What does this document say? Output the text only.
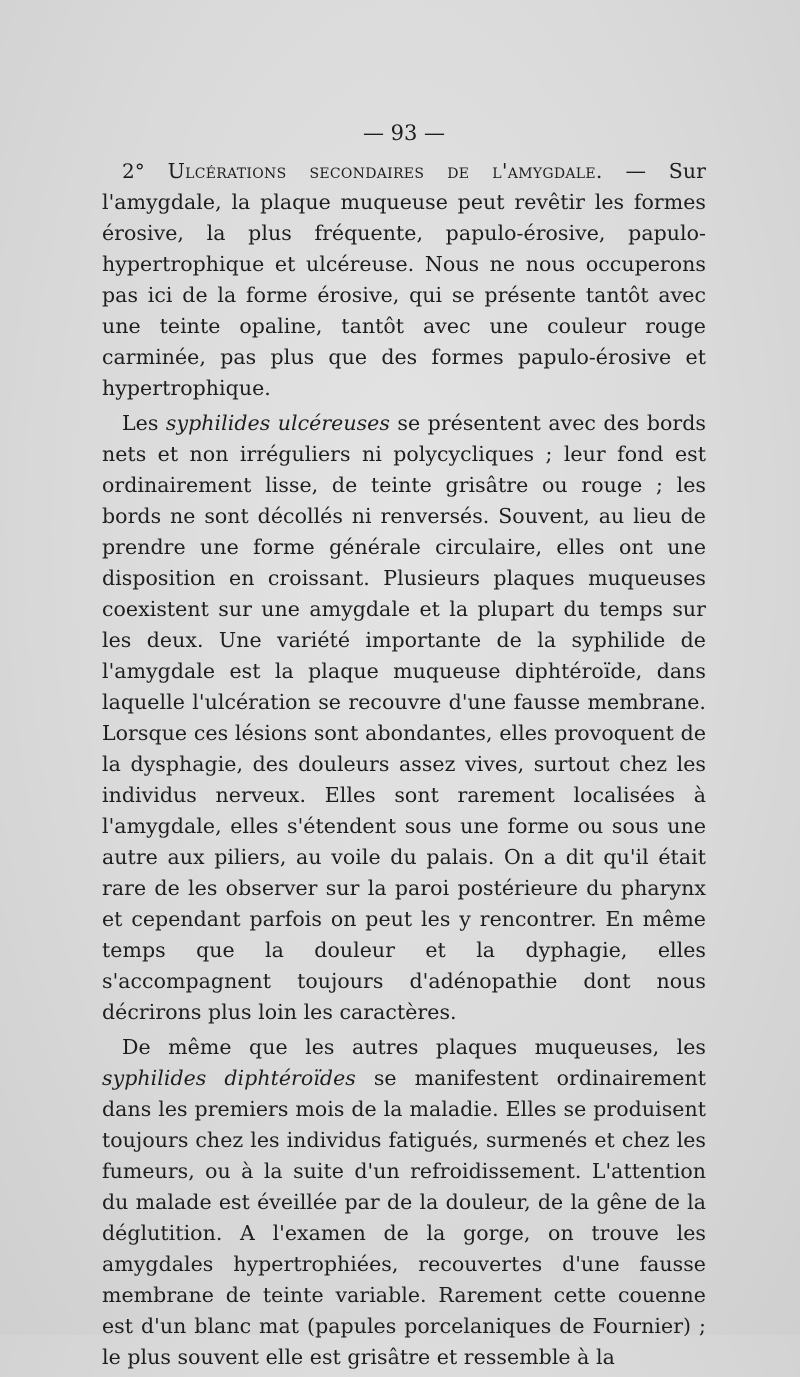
— 93 —

2° Ulcérations secondaires de l'amygdale. — Sur l'amygdale, la plaque muqueuse peut revêtir les formes érosive, la plus fréquente, papulo-érosive, papulo-hypertrophique et ulcéreuse. Nous ne nous occuperons pas ici de la forme érosive, qui se présente tantôt avec une teinte opaline, tantôt avec une couleur rouge carminée, pas plus que des formes papulo-érosive et hypertrophique.

Les syphilides ulcéreuses se présentent avec des bords nets et non irréguliers ni polycycliques ; leur fond est ordinairement lisse, de teinte grisâtre ou rouge ; les bords ne sont décollés ni renversés. Souvent, au lieu de prendre une forme générale circulaire, elles ont une disposition en croissant. Plusieurs plaques muqueuses coexistent sur une amygdale et la plupart du temps sur les deux. Une variété importante de la syphilide de l'amygdale est la plaque muqueuse diphtéroïde, dans laquelle l'ulcération se recouvre d'une fausse membrane. Lorsque ces lésions sont abondantes, elles provoquent de la dysphagie, des douleurs assez vives, surtout chez les individus nerveux. Elles sont rarement localisées à l'amygdale, elles s'étendent sous une forme ou sous une autre aux piliers, au voile du palais. On a dit qu'il était rare de les observer sur la paroi postérieure du pharynx et cependant parfois on peut les y rencontrer. En même temps que la douleur et la dyphagie, elles s'accompagnent toujours d'adénopathie dont nous décrirons plus loin les caractères.

De même que les autres plaques muqueuses, les syphilides diphtéroïdes se manifestent ordinairement dans les premiers mois de la maladie. Elles se produisent toujours chez les individus fatigués, surmenés et chez les fumeurs, ou à la suite d'un refroidissement. L'attention du malade est éveillée par de la douleur, de la gêne de la déglutition. A l'examen de la gorge, on trouve les amygdales hypertrophiées, recouvertes d'une fausse membrane de teinte variable. Rarement cette couenne est d'un blanc mat (papules porcelaniques de Fournier) ; le plus souvent elle est grisâtre et ressemble à la
